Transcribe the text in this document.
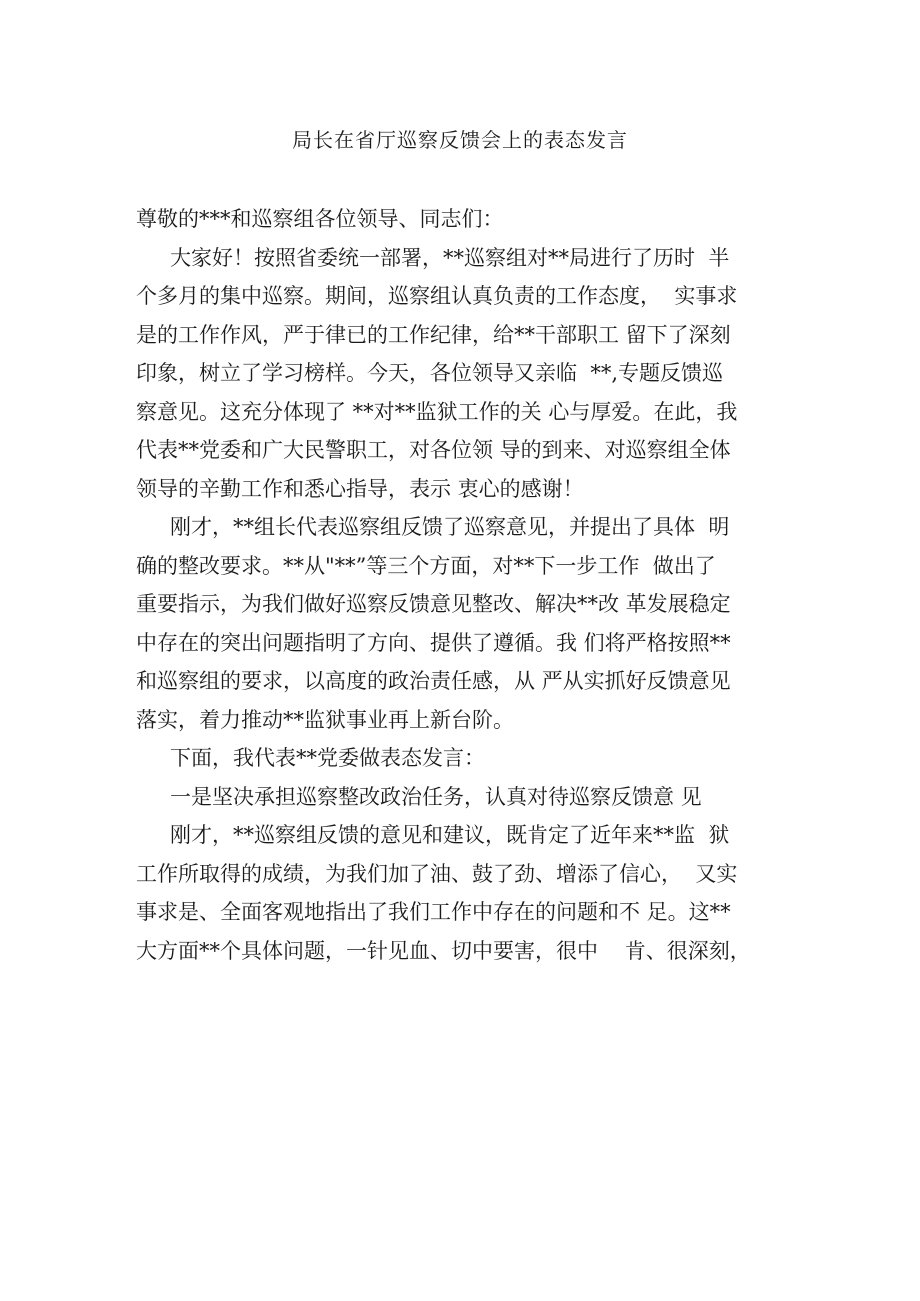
局长在省厅巡察反馈会上的表态发言
尊敬的***和巡察组各位领导、同志们：
大家好！按照省委统一部署，**巡察组对**局进行了历时  半
个多月的集中巡察。期间，巡察组认真负责的工作态度，  实事求
是的工作作风，严于律已的工作纪律，给**干部职工 留下了深刻
印象，树立了学习榜样。今天，各位领导又亲临  **,专题反馈巡
察意见。这充分体现了 **对**监狱工作的关 心与厚爱。在此，我
代表**党委和广大民警职工，对各位领 导的到来、对巡察组全体
领导的辛勤工作和悉心指导，表示 衷心的感谢！
刚才，**组长代表巡察组反馈了巡察意见，并提出了具体  明
确的整改要求。**从"**”等三个方面，对**下一步工作  做出了
重要指示，为我们做好巡察反馈意见整改、解决**改 革发展稳定
中存在的突出问题指明了方向、提供了遵循。我 们将严格按照**
和巡察组的要求，以高度的政治责任感，从 严从实抓好反馈意见
落实，着力推动**监狱事业再上新台阶。
下面，我代表**党委做表态发言：
一是坚决承担巡察整改政治任务，认真对待巡察反馈意 见
刚才，**巡察组反馈的意见和建议，既肯定了近年来**监  狱
工作所取得的成绩，为我们加了油、鼓了劲、增添了信心，  又实
事求是、全面客观地指出了我们工作中存在的问题和不 足。这**
大方面**个具体问题，一针见血、切中要害，很中    肯、很深刻，
